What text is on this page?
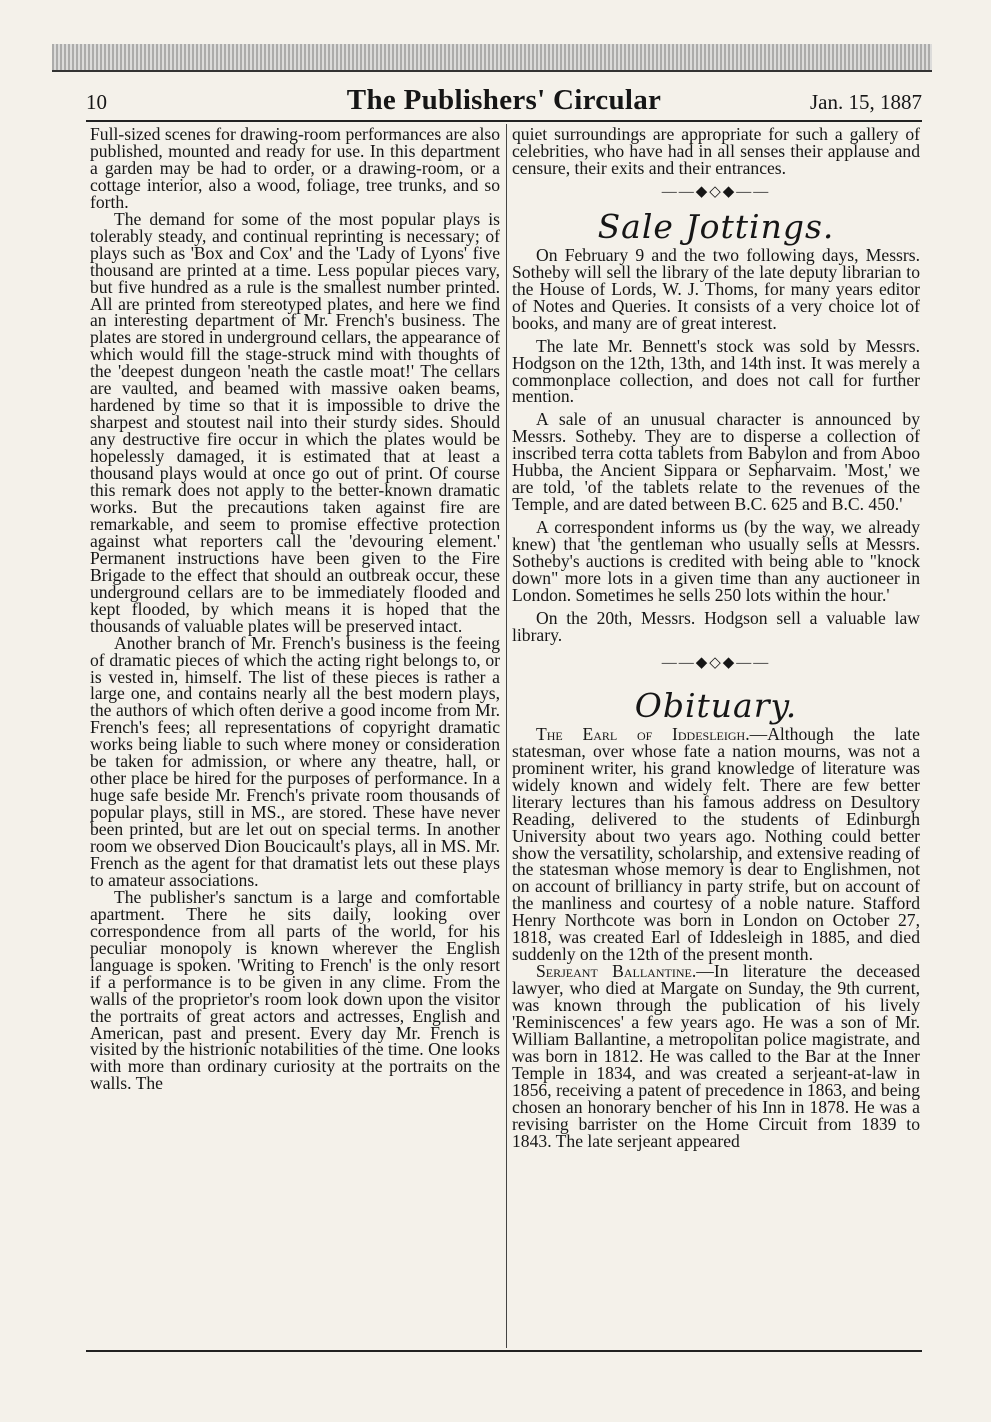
10	The Publishers' Circular	Jan. 15, 1887

Full-sized scenes for drawing-room performances are also published, mounted and ready for use. In this department a garden may be had to order, or a drawing-room, or a cottage interior, also a wood, foliage, tree trunks, and so forth.

The demand for some of the most popular plays is tolerably steady, and continual reprinting is necessary; of plays such as 'Box and Cox' and the 'Lady of Lyons' five thousand are printed at a time. Less popular pieces vary, but five hundred as a rule is the smallest number printed. All are printed from stereotyped plates, and here we find an interesting department of Mr. French's business. The plates are stored in underground cellars, the appearance of which would fill the stage-struck mind with thoughts of the 'deepest dungeon 'neath the castle moat!' The cellars are vaulted, and beamed with massive oaken beams, hardened by time so that it is impossible to drive the sharpest and stoutest nail into their sturdy sides. Should any destructive fire occur in which the plates would be hopelessly damaged, it is estimated that at least a thousand plays would at once go out of print. Of course this remark does not apply to the better-known dramatic works. But the precautions taken against fire are remarkable, and seem to promise effective protection against what reporters call the 'devouring element.' Permanent instructions have been given to the Fire Brigade to the effect that should an outbreak occur, these underground cellars are to be immediately flooded and kept flooded, by which means it is hoped that the thousands of valuable plates will be preserved intact.

Another branch of Mr. French's business is the feeing of dramatic pieces of which the acting right belongs to, or is vested in, himself. The list of these pieces is rather a large one, and contains nearly all the best modern plays, the authors of which often derive a good income from Mr. French's fees; all representations of copyright dramatic works being liable to such where money or consideration be taken for admission, or where any theatre, hall, or other place be hired for the purposes of performance. In a huge safe beside Mr. French's private room thousands of popular plays, still in MS., are stored. These have never been printed, but are let out on special terms. In another room we observed Dion Boucicault's plays, all in MS. Mr. French as the agent for that dramatist lets out these plays to amateur associations.

The publisher's sanctum is a large and comfortable apartment. There he sits daily, looking over correspondence from all parts of the world, for his peculiar monopoly is known wherever the English language is spoken. 'Writing to French' is the only resort if a performance is to be given in any clime. From the walls of the proprietor's room look down upon the visitor the portraits of great actors and actresses, English and American, past and present. Every day Mr. French is visited by the histrionic notabilities of the time. One looks with more than ordinary curiosity at the portraits on the walls. The

quiet surroundings are appropriate for such a gallery of celebrities, who have had in all senses their applause and censure, their exits and their entrances.

——◆◇◆——
Sale Jottings.

On February 9 and the two following days, Messrs. Sotheby will sell the library of the late deputy librarian to the House of Lords, W. J. Thoms, for many years editor of Notes and Queries. It consists of a very choice lot of books, and many are of great interest.

The late Mr. Bennett's stock was sold by Messrs. Hodgson on the 12th, 13th, and 14th inst. It was merely a commonplace collection, and does not call for further mention.

A sale of an unusual character is announced by Messrs. Sotheby. They are to disperse a collection of inscribed terra cotta tablets from Babylon and from Aboo Hubba, the Ancient Sippara or Sepharvaim. 'Most,' we are told, 'of the tablets relate to the revenues of the Temple, and are dated between B.C. 625 and B.C. 450.'

A correspondent informs us (by the way, we already knew) that 'the gentleman who usually sells at Messrs. Sotheby's auctions is credited with being able to "knock down" more lots in a given time than any auctioneer in London. Sometimes he sells 250 lots within the hour.'

On the 20th, Messrs. Hodgson sell a valuable law library.

——◆◇◆——
Obituary.

The Earl of Iddesleigh.—Although the late statesman, over whose fate a nation mourns, was not a prominent writer, his grand knowledge of literature was widely known and widely felt. There are few better literary lectures than his famous address on Desultory Reading, delivered to the students of Edinburgh University about two years ago. Nothing could better show the versatility, scholarship, and extensive reading of the statesman whose memory is dear to Englishmen, not on account of brilliancy in party strife, but on account of the manliness and courtesy of a noble nature. Stafford Henry Northcote was born in London on October 27, 1818, was created Earl of Iddesleigh in 1885, and died suddenly on the 12th of the present month.

Serjeant Ballantine.—In literature the deceased lawyer, who died at Margate on Sunday, the 9th current, was known through the publication of his lively 'Reminiscences' a few years ago. He was a son of Mr. William Ballantine, a metropolitan police magistrate, and was born in 1812. He was called to the Bar at the Inner Temple in 1834, and was created a serjeant-at-law in 1856, receiving a patent of precedence in 1863, and being chosen an honorary bencher of his Inn in 1878. He was a revising barrister on the Home Circuit from 1839 to 1843. The late serjeant appeared
